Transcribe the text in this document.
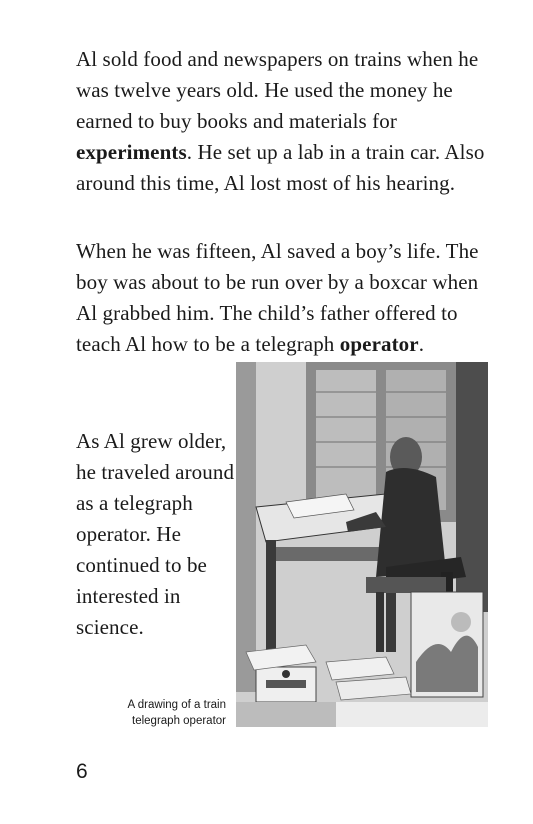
Al sold food and newspapers on trains when he was twelve years old. He used the money he earned to buy books and materials for experiments. He set up a lab in a train car. Also around this time, Al lost most of his hearing.

When he was fifteen, Al saved a boy’s life. The boy was about to be run over by a boxcar when Al grabbed him. The child’s father offered to teach Al how to be a telegraph operator.

As Al grew older, he traveled around as a telegraph operator. He continued to be interested in science.

A drawing of a train
telegraph operator
6
